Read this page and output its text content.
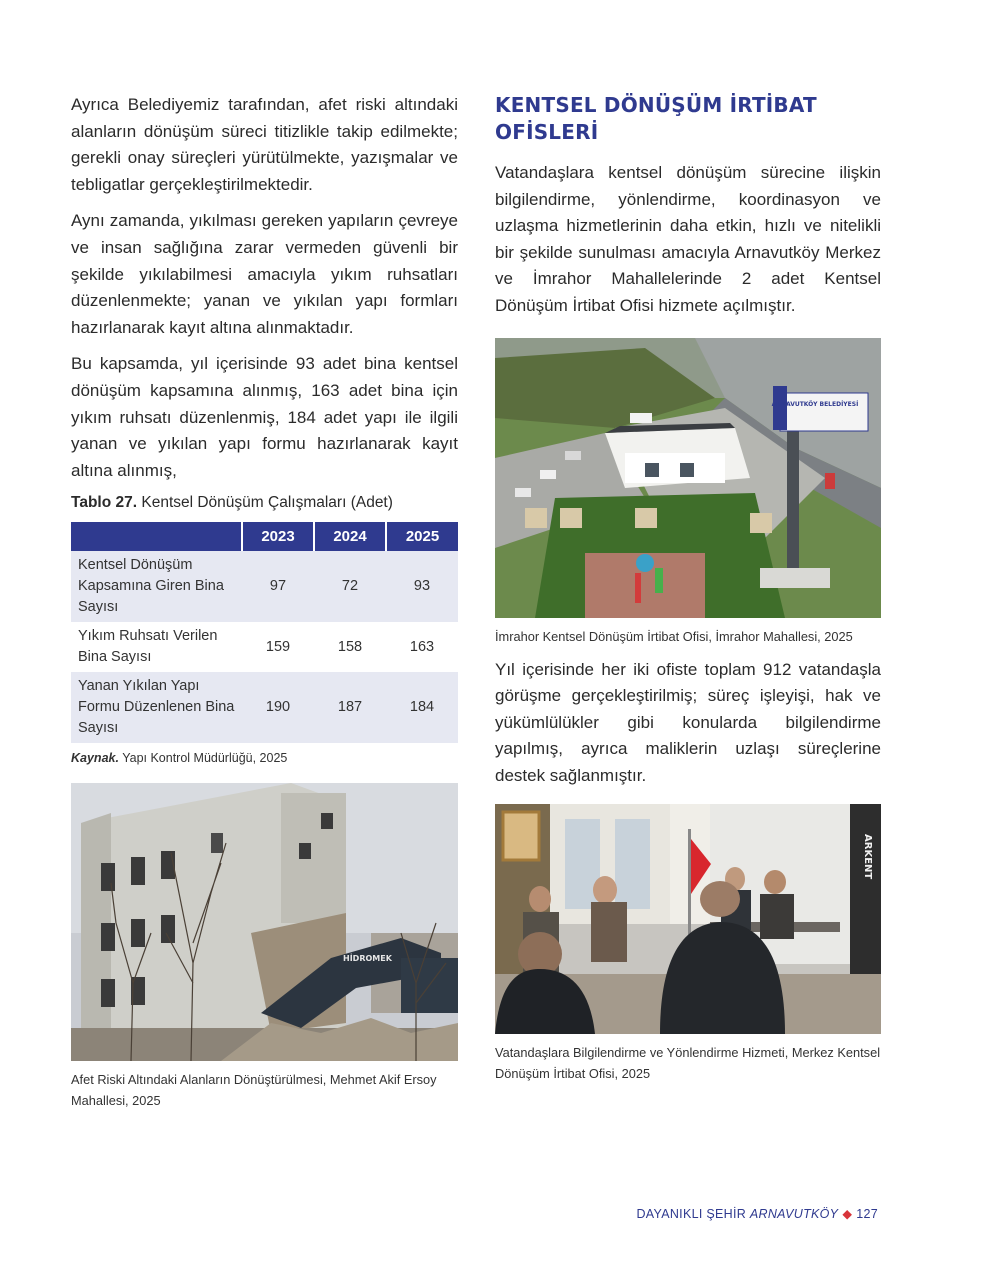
Ayrıca Belediyemiz tarafından, afet riski altındaki alanların dönüşüm süreci titizlikle takip edilmekte; gerekli onay süreçleri yürütülmekte, yazışmalar ve tebligatlar gerçekleştirilmektedir.

Aynı zamanda, yıkılması gereken yapıların çevreye ve insan sağlığına zarar vermeden güvenli bir şekilde yıkılabilmesi amacıyla yıkım ruhsatları düzenlenmekte; yanan ve yıkılan yapı formları hazırlanarak kayıt altına alınmaktadır.

Bu kapsamda, yıl içerisinde 93 adet bina kentsel dönüşüm kapsamına alınmış, 163 adet bina için yıkım ruhsatı düzenlenmiş, 184 adet yapı ile ilgili yanan ve yıkılan yapı formu hazırlanarak kayıt altına alınmış,

Tablo 27. Kentsel Dönüşüm Çalışmaları (Adet)
	2023	2024	2025
Kentsel Dönüşüm Kapsamına Giren Bina Sayısı	97	72	93
Yıkım Ruhsatı Verilen Bina Sayısı	159	158	163
Yanan Yıkılan Yapı Formu Düzenlenen Bina Sayısı	190	187	184
Kaynak. Yapı Kontrol Müdürlüğü, 2025
HİDROMEK
Afet Riski Altındaki Alanların Dönüştürülmesi, Mehmet Akif Ersoy Mahallesi, 2025
KENTSEL DÖNÜŞÜM İRTİBAT OFİSLERİ

Vatandaşlara kentsel dönüşüm sürecine ilişkin bilgilendirme, yönlendirme, koordinasyon ve uzlaşma hizmetlerinin daha etkin, hızlı ve nitelikli bir şekilde sunulması amacıyla Arnavutköy Merkez ve İmrahor Mahallelerinde 2 adet Kentsel Dönüşüm İrtibat Ofisi hizmete açılmıştır.

ARNAVUTKÖY BELEDİYESİ
İmrahor Kentsel Dönüşüm İrtibat Ofisi, İmrahor Mahallesi, 2025

Yıl içerisinde her iki ofiste toplam 912 vatandaşla görüşme gerçekleştirilmiş; süreç işleyişi, hak ve yükümlülükler gibi konularda bilgilendirme yapılmış, ayrıca maliklerin uzlaşı süreçlerine destek sağlanmıştır.

ARKENT
Vatandaşlara Bilgilendirme ve Yönlendirme Hizmeti, Merkez Kentsel Dönüşüm İrtibat Ofisi, 2025
DAYANIKLI ŞEHİR ARNAVUTKÖY ◆ 127
